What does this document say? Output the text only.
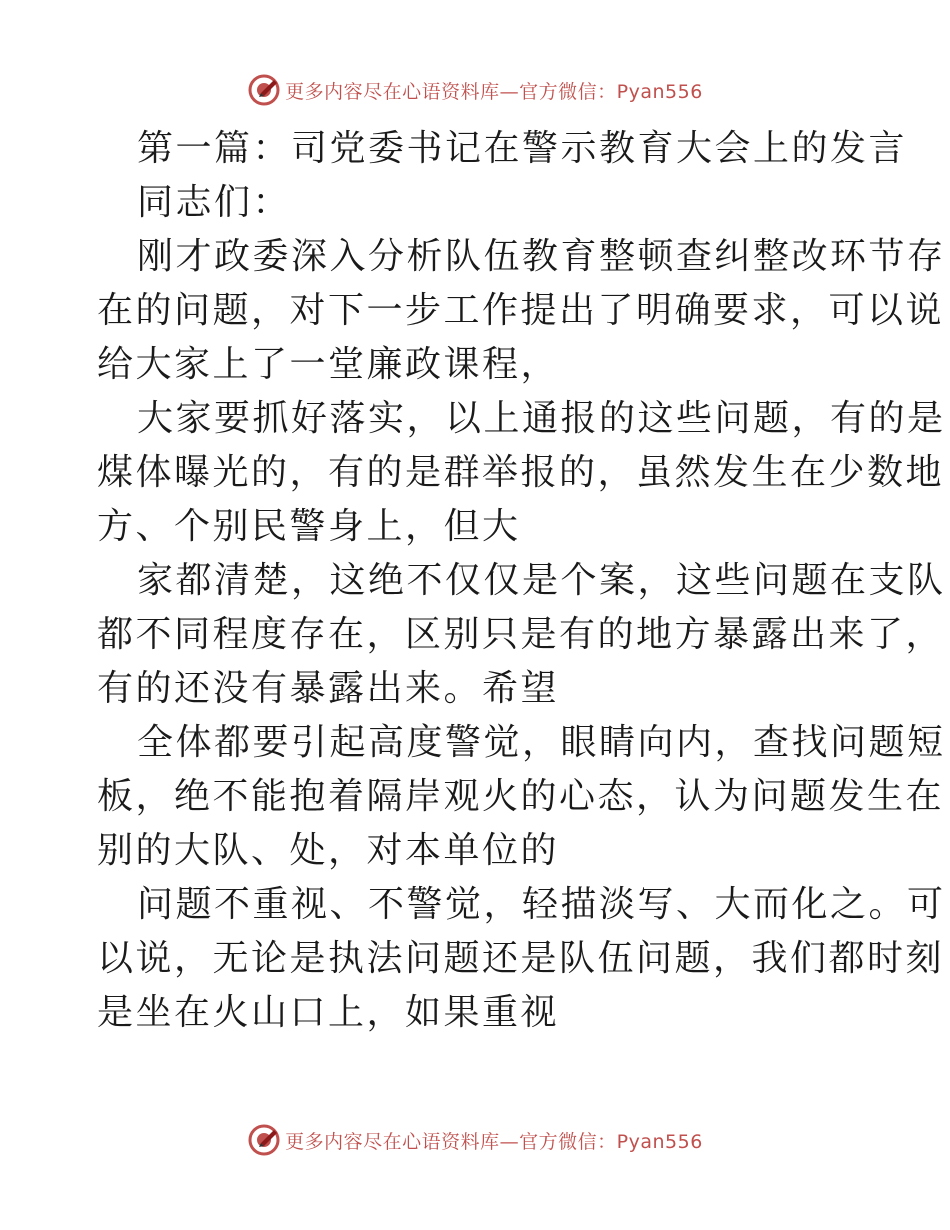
更多内容尽在心语资料库—官方微信：Pyan556
第一篇：司党委书记在警示教育大会上的发言
同志们：
刚才政委深入分析队伍教育整顿查纠整改环节存
在的问题，对下一步工作提出了明确要求，可以说
给大家上了一堂廉政课程，
大家要抓好落实，以上通报的这些问题，有的是
煤体曝光的，有的是群举报的，虽然发生在少数地
方、个别民警身上，但大
家都清楚，这绝不仅仅是个案，这些问题在支队
都不同程度存在，区别只是有的地方暴露出来了，
有的还没有暴露出来。希望
全体都要引起高度警觉，眼睛向内，查找问题短
板，绝不能抱着隔岸观火的心态，认为问题发生在
别的大队、处，对本单位的
问题不重视、不警觉，轻描淡写、大而化之。可
以说，无论是执法问题还是队伍问题，我们都时刻
是坐在火山口上，如果重视
更多内容尽在心语资料库—官方微信：Pyan556
